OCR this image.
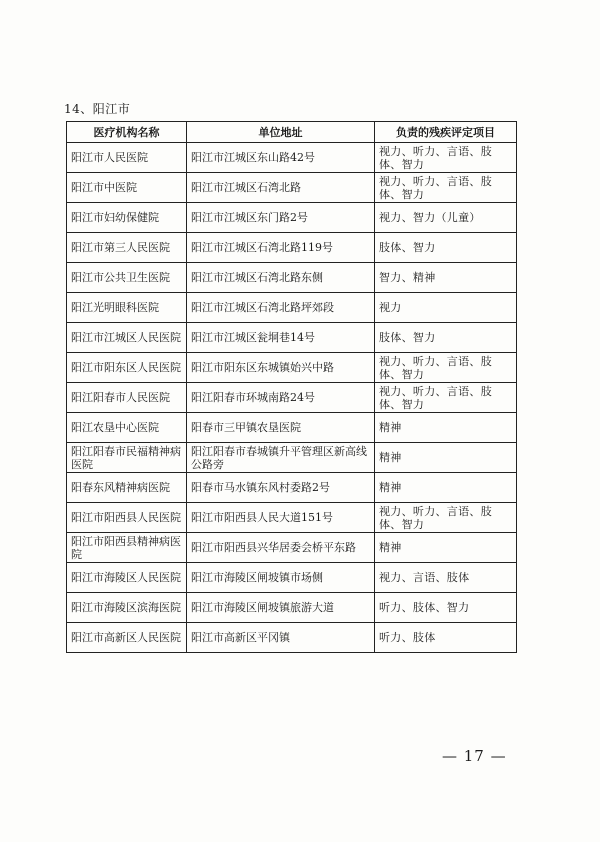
14、阳江市
医疗机构名称	单位地址	负责的残疾评定项目
阳江市人民医院	阳江市江城区东山路42号	视力、听力、言语、肢体、智力
阳江市中医院	阳江市江城区石湾北路	视力、听力、言语、肢体、智力
阳江市妇幼保健院	阳江市江城区东门路2号	视力、智力（儿童）
阳江市第三人民医院	阳江市江城区石湾北路119号	肢体、智力
阳江市公共卫生医院	阳江市江城区石湾北路东侧	智力、精神
阳江光明眼科医院	阳江市江城区石湾北路坪郊段	视力
阳江市江城区人民医院	阳江市江城区瓮垌巷14号	肢体、智力
阳江市阳东区人民医院	阳江市阳东区东城镇始兴中路	视力、听力、言语、肢体、智力
阳江阳春市人民医院	阳江阳春市环城南路24号	视力、听力、言语、肢体、智力
阳江农垦中心医院	阳春市三甲镇农垦医院	精神
阳江阳春市民福精神病医院	阳江阳春市春城镇升平管理区新高线公路旁	精神
阳春东风精神病医院	阳春市马水镇东风村委路2号	精神
阳江市阳西县人民医院	阳江市阳西县人民大道151号	视力、听力、言语、肢体、智力
阳江市阳西县精神病医院	阳江市阳西县兴华居委会桥平东路	精神
阳江市海陵区人民医院	阳江市海陵区闸坡镇市场侧	视力、言语、肢体
阳江市海陵区滨海医院	阳江市海陵区闸坡镇旅游大道	听力、肢体、智力
阳江市高新区人民医院	阳江市高新区平冈镇	听力、肢体
— 17 —
